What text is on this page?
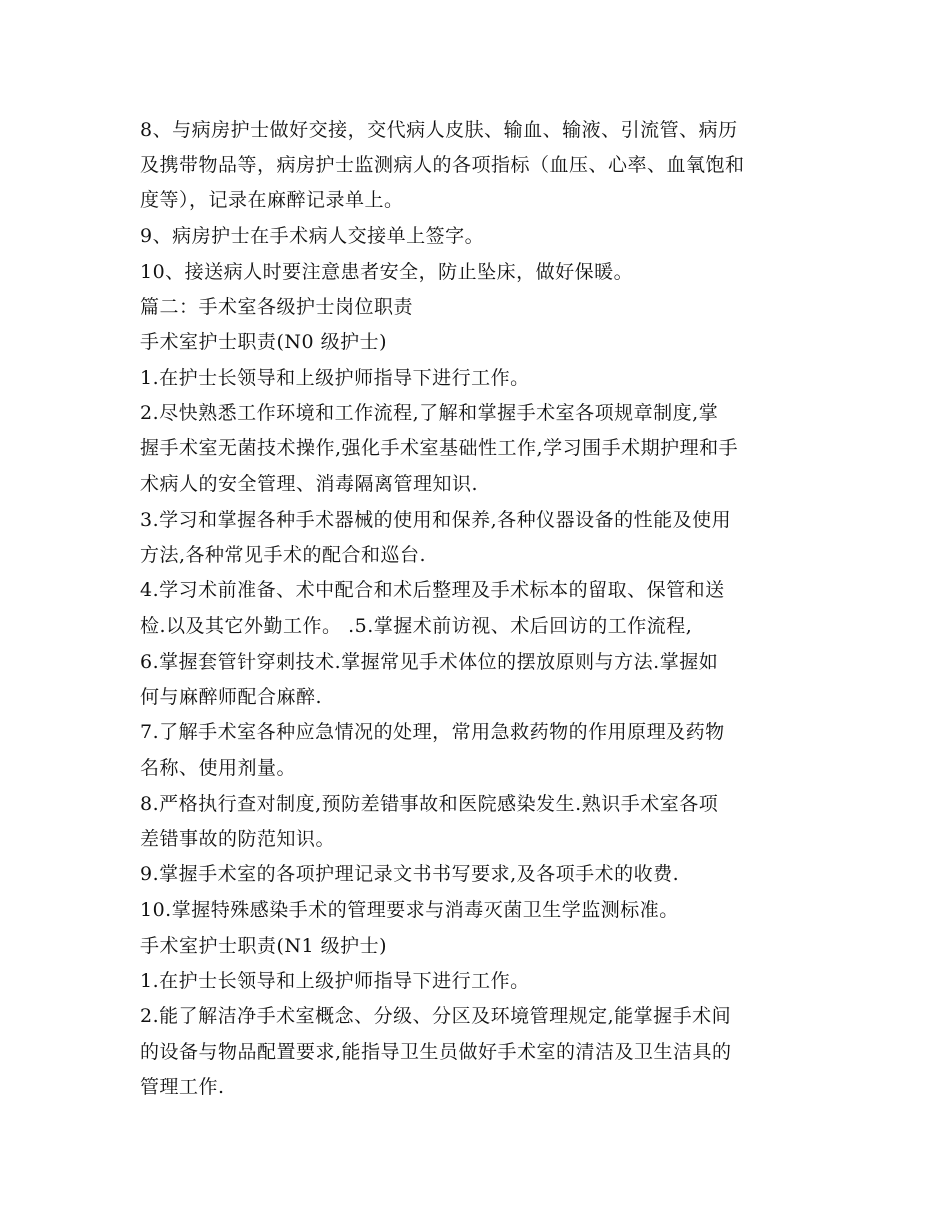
8、与病房护士做好交接，交代病人皮肤、输血、输液、引流管、病历
及携带物品等，病房护士监测病人的各项指标（血压、心率、血氧饱和
度等），记录在麻醉记录单上。
9、病房护士在手术病人交接单上签字。
10、接送病人时要注意患者安全，防止坠床，做好保暖。
篇二：手术室各级护士岗位职责
手术室护士职责(N0 级护士)
1.在护士长领导和上级护师指导下进行工作。
2.尽快熟悉工作环境和工作流程,了解和掌握手术室各项规章制度,掌
握手术室无菌技术操作,强化手术室基础性工作,学习围手术期护理和手
术病人的安全管理、消毒隔离管理知识.
3.学习和掌握各种手术器械的使用和保养,各种仪器设备的性能及使用
方法,各种常见手术的配合和巡台.
4.学习术前准备、术中配合和术后整理及手术标本的留取、保管和送
检.以及其它外勤工作。 .5.掌握术前访视、术后回访的工作流程,
6.掌握套管针穿刺技术.掌握常见手术体位的摆放原则与方法.掌握如
何与麻醉师配合麻醉.
7.了解手术室各种应急情况的处理，常用急救药物的作用原理及药物
名称、使用剂量。
8.严格执行查对制度,预防差错事故和医院感染发生.熟识手术室各项
差错事故的防范知识。
9.掌握手术室的各项护理记录文书书写要求,及各项手术的收费.
10.掌握特殊感染手术的管理要求与消毒灭菌卫生学监测标准。
手术室护士职责(N1 级护士)
1.在护士长领导和上级护师指导下进行工作。
2.能了解洁净手术室概念、分级、分区及环境管理规定,能掌握手术间
的设备与物品配置要求,能指导卫生员做好手术室的清洁及卫生洁具的
管理工作.
